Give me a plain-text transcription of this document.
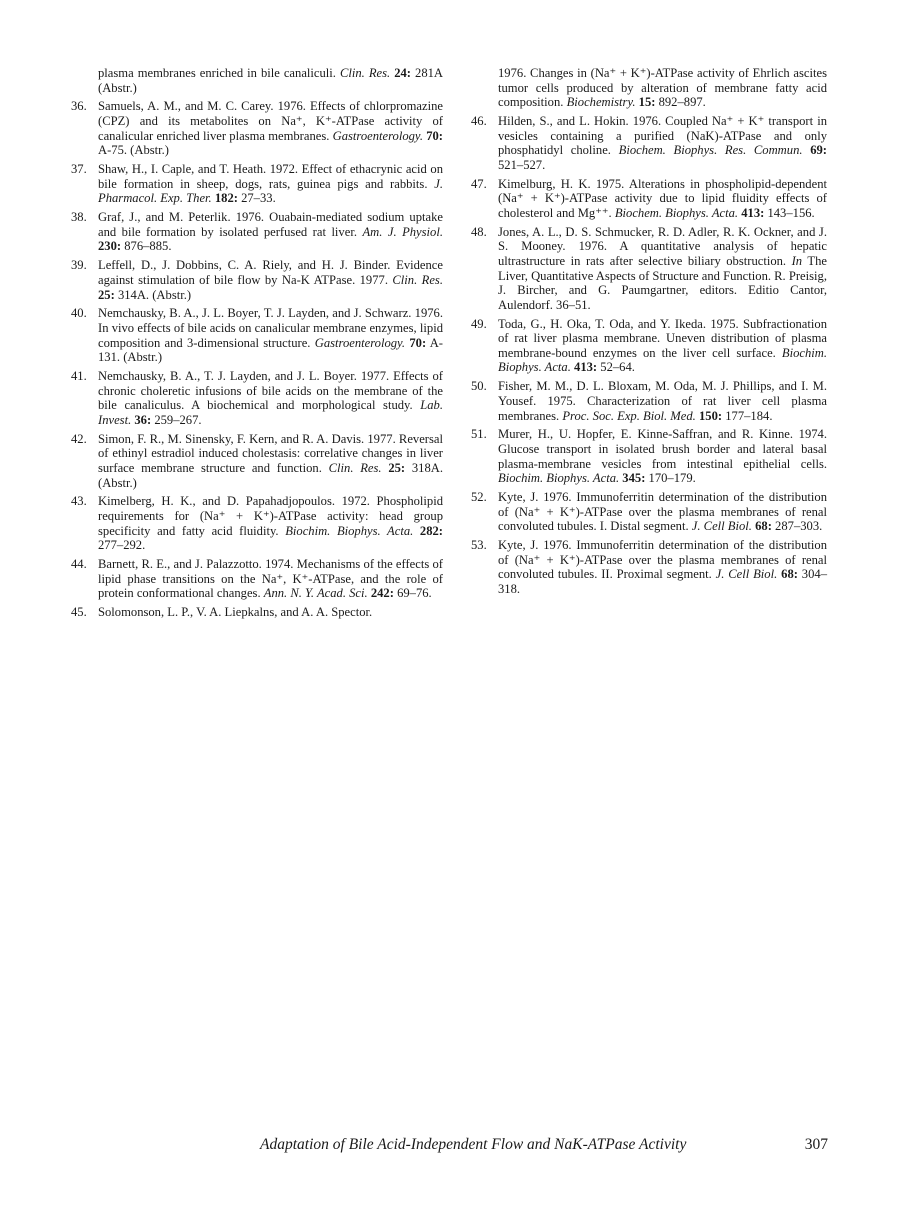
plasma membranes enriched in bile canaliculi. Clin. Res. 24: 281A (Abstr.)
36. Samuels, A. M., and M. C. Carey. 1976. Effects of chlorpromazine (CPZ) and its metabolites on Na⁺, K⁺-ATPase activity of canalicular enriched liver plasma membranes. Gastroenterology. 70: A-75. (Abstr.)
37. Shaw, H., I. Caple, and T. Heath. 1972. Effect of ethacrynic acid on bile formation in sheep, dogs, rats, guinea pigs and rabbits. J. Pharmacol. Exp. Ther. 182: 27–33.
38. Graf, J., and M. Peterlik. 1976. Ouabain-mediated sodium uptake and bile formation by isolated perfused rat liver. Am. J. Physiol. 230: 876–885.
39. Leffell, D., J. Dobbins, C. A. Riely, and H. J. Binder. Evidence against stimulation of bile flow by Na-K ATPase. 1977. Clin. Res. 25: 314A. (Abstr.)
40. Nemchausky, B. A., J. L. Boyer, T. J. Layden, and J. Schwarz. 1976. In vivo effects of bile acids on canalicular membrane enzymes, lipid composition and 3-dimensional structure. Gastroenterology. 70: A-131. (Abstr.)
41. Nemchausky, B. A., T. J. Layden, and J. L. Boyer. 1977. Effects of chronic choleretic infusions of bile acids on the membrane of the bile canaliculus. A biochemical and morphological study. Lab. Invest. 36: 259–267.
42. Simon, F. R., M. Sinensky, F. Kern, and R. A. Davis. 1977. Reversal of ethinyl estradiol induced cholestasis: correlative changes in liver surface membrane structure and function. Clin. Res. 25: 318A. (Abstr.)
43. Kimelberg, H. K., and D. Papahadjopoulos. 1972. Phospholipid requirements for (Na⁺ + K⁺)-ATPase activity: head group specificity and fatty acid fluidity. Biochim. Biophys. Acta. 282: 277–292.
44. Barnett, R. E., and J. Palazzotto. 1974. Mechanisms of the effects of lipid phase transitions on the Na⁺, K⁺-ATPase, and the role of protein conformational changes. Ann. N. Y. Acad. Sci. 242: 69–76.
45. Solomonson, L. P., V. A. Liepkalns, and A. A. Spector.
1976. Changes in (Na⁺ + K⁺)-ATPase activity of Ehrlich ascites tumor cells produced by alteration of membrane fatty acid composition. Biochemistry. 15: 892–897.
46. Hilden, S., and L. Hokin. 1976. Coupled Na⁺ + K⁺ transport in vesicles containing a purified (NaK)-ATPase and only phosphatidyl choline. Biochem. Biophys. Res. Commun. 69: 521–527.
47. Kimelburg, H. K. 1975. Alterations in phospholipid-dependent (Na⁺ + K⁺)-ATPase activity due to lipid fluidity effects of cholesterol and Mg⁺⁺. Biochem. Biophys. Acta. 413: 143–156.
48. Jones, A. L., D. S. Schmucker, R. D. Adler, R. K. Ockner, and J. S. Mooney. 1976. A quantitative analysis of hepatic ultrastructure in rats after selective biliary obstruction. In The Liver, Quantitative Aspects of Structure and Function. R. Preisig, J. Bircher, and G. Paumgartner, editors. Editio Cantor, Aulendorf. 36–51.
49. Toda, G., H. Oka, T. Oda, and Y. Ikeda. 1975. Subfractionation of rat liver plasma membrane. Uneven distribution of plasma membrane-bound enzymes on the liver cell surface. Biochim. Biophys. Acta. 413: 52–64.
50. Fisher, M. M., D. L. Bloxam, M. Oda, M. J. Phillips, and I. M. Yousef. 1975. Characterization of rat liver cell plasma membranes. Proc. Soc. Exp. Biol. Med. 150: 177–184.
51. Murer, H., U. Hopfer, E. Kinne-Saffran, and R. Kinne. 1974. Glucose transport in isolated brush border and lateral basal plasma-membrane vesicles from intestinal epithelial cells. Biochim. Biophys. Acta. 345: 170–179.
52. Kyte, J. 1976. Immunoferritin determination of the distribution of (Na⁺ + K⁺)-ATPase over the plasma membranes of renal convoluted tubules. I. Distal segment. J. Cell Biol. 68: 287–303.
53. Kyte, J. 1976. Immunoferritin determination of the distribution of (Na⁺ + K⁺)-ATPase over the plasma membranes of renal convoluted tubules. II. Proximal segment. J. Cell Biol. 68: 304–318.
Adaptation of Bile Acid-Independent Flow and NaK-ATPase Activity	307
